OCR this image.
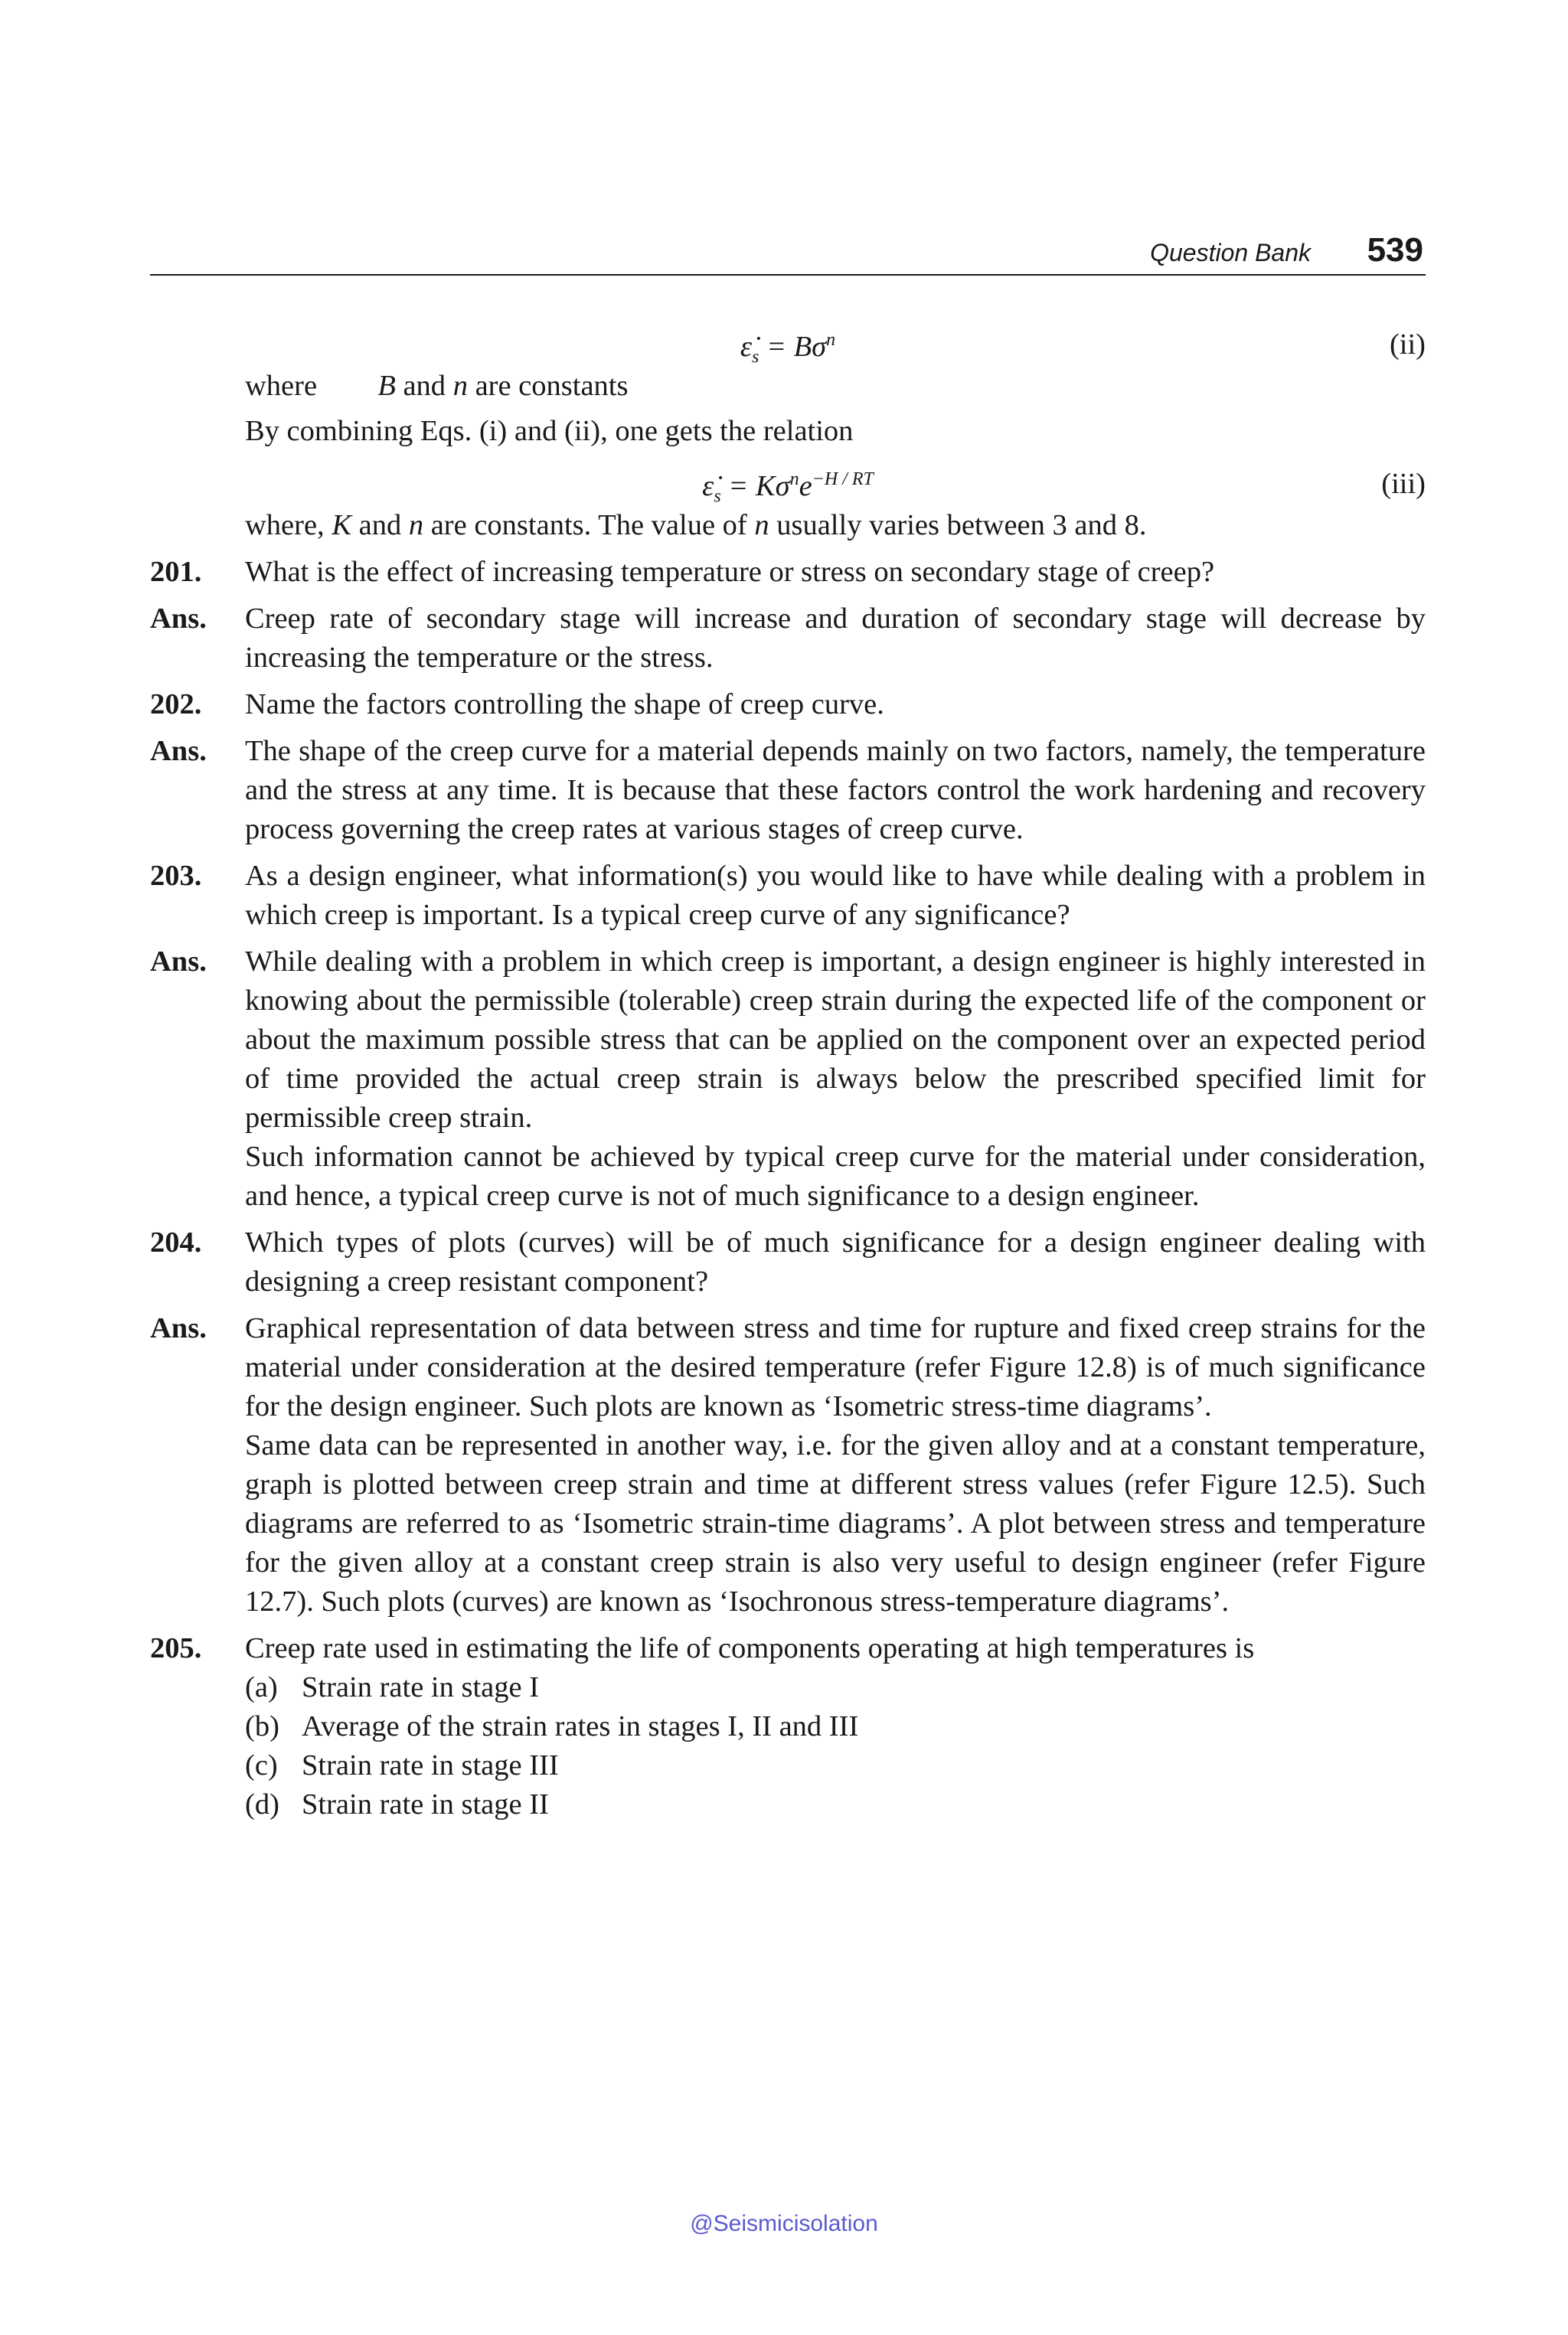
Question Bank 539
$\varepsiloṅ_s = B\sigma^n$	(ii)
where B and n are constants
By combining Eqs. (i) and (ii), one gets the relation
$\varepsiloṅ_s = K\sigma^ne^{-H / RT}$	(iii)
where, K and n are constants. The value of n usually varies between 3 and 8.
201.	What is the effect of increasing temperature or stress on secondary stage of creep?
Ans.	Creep rate of secondary stage will increase and duration of secondary stage will decrease by increasing the temperature or the stress.
202.	Name the factors controlling the shape of creep curve.
Ans.	The shape of the creep curve for a material depends mainly on two factors, namely, the temperature and the stress at any time. It is because that these factors control the work hardening and recovery process governing the creep rates at various stages of creep curve.
203.	As a design engineer, what information(s) you would like to have while dealing with a problem in which creep is important. Is a typical creep curve of any significance?
Ans.	While dealing with a problem in which creep is important, a design engineer is highly interested in knowing about the permissible (tolerable) creep strain during the expected life of the component or about the maximum possible stress that can be applied on the component over an expected period of time provided the actual creep strain is always below the prescribed specified limit for permissible creep strain.
Such information cannot be achieved by typical creep curve for the material under consideration, and hence, a typical creep curve is not of much significance to a design engineer.
204.	Which types of plots (curves) will be of much significance for a design engineer dealing with designing a creep resistant component?
Ans.	Graphical representation of data between stress and time for rupture and fixed creep strains for the material under consideration at the desired temperature (refer Figure 12.8) is of much significance for the design engineer. Such plots are known as ‘Isometric stress-time diagrams’.
Same data can be represented in another way, i.e. for the given alloy and at a constant temperature, graph is plotted between creep strain and time at different stress values (refer Figure 12.5). Such diagrams are referred to as ‘Isometric strain-time diagrams’. A plot between stress and temperature for the given alloy at a constant creep strain is also very useful to design engineer (refer Figure 12.7). Such plots (curves) are known as ‘Isochronous stress-temperature diagrams’.
205.	Creep rate used in estimating the life of components operating at high temperatures is
(a) Strain rate in stage I
(b) Average of the strain rates in stages I, II and III
(c) Strain rate in stage III
(d) Strain rate in stage II
@Seismicisolation
